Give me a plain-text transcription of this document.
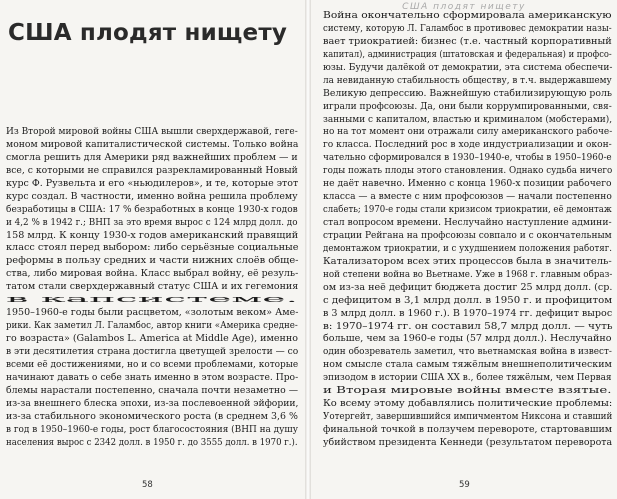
США плодят нищету
Из Второй мировой войны США вышли сверхдержавой, геге-
моном мировой капиталистической системы. Только война
смогла решить для Америки ряд важнейших проблем — и
все, с которыми не справился разрекламированный Новый
курс Ф. Рузвельта и его «ньюдилеров», и те, которые этот
курс создал. В частности, именно война решила проблему
безработицы в США: 17 % безработных в конце 1930-х годов
и 4,2 % в 1942 г.; ВНП за это время вырос с 124 млрд долл. до
158 млрд. К концу 1930-х годов американский правящий
класс стоял перед выбором: либо серьёзные социальные
реформы в пользу средних и части нижних слоёв обще-
ства, либо мировая война. Класс выбрал войну, её резуль-
татом стали сверхдержавный статус США и их гегемония
в капсистеме.
1950–1960-е годы были расцветом, «золотым веком» Аме-
рики. Как заметил Л. Галамбос, автор книги «Америка средне-
го возраста» (Galambos L. America at Middle Age), именно
в эти десятилетия страна достигла цветущей зрелости — со
всеми её достижениями, но и со всеми проблемами, которые
начинают давать о себе знать именно в этом возрасте. Про-
блемы нарастали постепенно, сначала почти незаметно —
из-за внешнего блеска эпохи, из-за послевоенной эйфории,
из-за стабильного экономического роста (в среднем 3,6 %
в год в 1950–1960-е годы, рост благосостояния (ВНП на душу
населения вырос с 2342 долл. в 1950 г. до 3555 долл. в 1970 г.).
58
США плодят нищету
Война окончательно сформировала американскую
систему, которую Л. Галамбос в противовес демократии назы-
вает триократией: бизнес (т.е. частный корпоративный
капитал), администрация (штатовская и федеральная) и профсо-
юзы. Будучи далёкой от демократии, эта система обеспечи-
ла невиданную стабильность обществу, в т.ч. выдержавшему
Великую депрессию. Важнейшую стабилизирующую роль
играли профсоюзы. Да, они были коррумпированными, свя-
занными с капиталом, властью и криминалом (мобстерами),
но на тот момент они отражали силу американского рабоче-
го класса. Последний рос в ходе индустриализации и окон-
чательно сформировался в 1930–1940-е, чтобы в 1950–1960-е
годы пожать плоды этого становления. Однако судьба ничего
не даёт навечно. Именно с конца 1960-х позиции рабочего
класса — а вместе с ним профсоюзов — начали постепенно
слабеть; 1970-е годы стали кризисом триократии, её демонтаж
стал вопросом времени. Неслучайно наступление админи-
страции Рейгана на профсоюзы совпало и с окончательным
демонтажом триократии, и с ухудшением положения работяг.
Катализатором всех этих процессов была в значитель-
ной степени война во Вьетнаме. Уже в 1968 г. главным образ-
ом из-за неё дефицит бюджета достиг 25 млрд долл. (ср.
с дефицитом в 3,1 млрд долл. в 1950 г. и профицитом
в 3 млрд долл. в 1960 г.). В 1970–1974 гг. дефицит вырос
в: 1970–1974 гг. он составил 58,7 млрд долл. — чуть
больше, чем за 1960-е годы (57 млрд долл.). Неслучайно
один обозреватель заметил, что вьетнамская война в извест-
ном смысле стала самым тяжёлым внешнеполитическим
эпизодом в истории США XX в., более тяжёлым, чем Первая
и Вторая мировые войны вместе взятые.
Ко всему этому добавлялись политические проблемы:
Уотергейт, завершившийся импичментом Никсона и ставший
финальной точкой в ползучем перевороте, стартовавшим
убийством президента Кеннеди (результатом переворота
59
